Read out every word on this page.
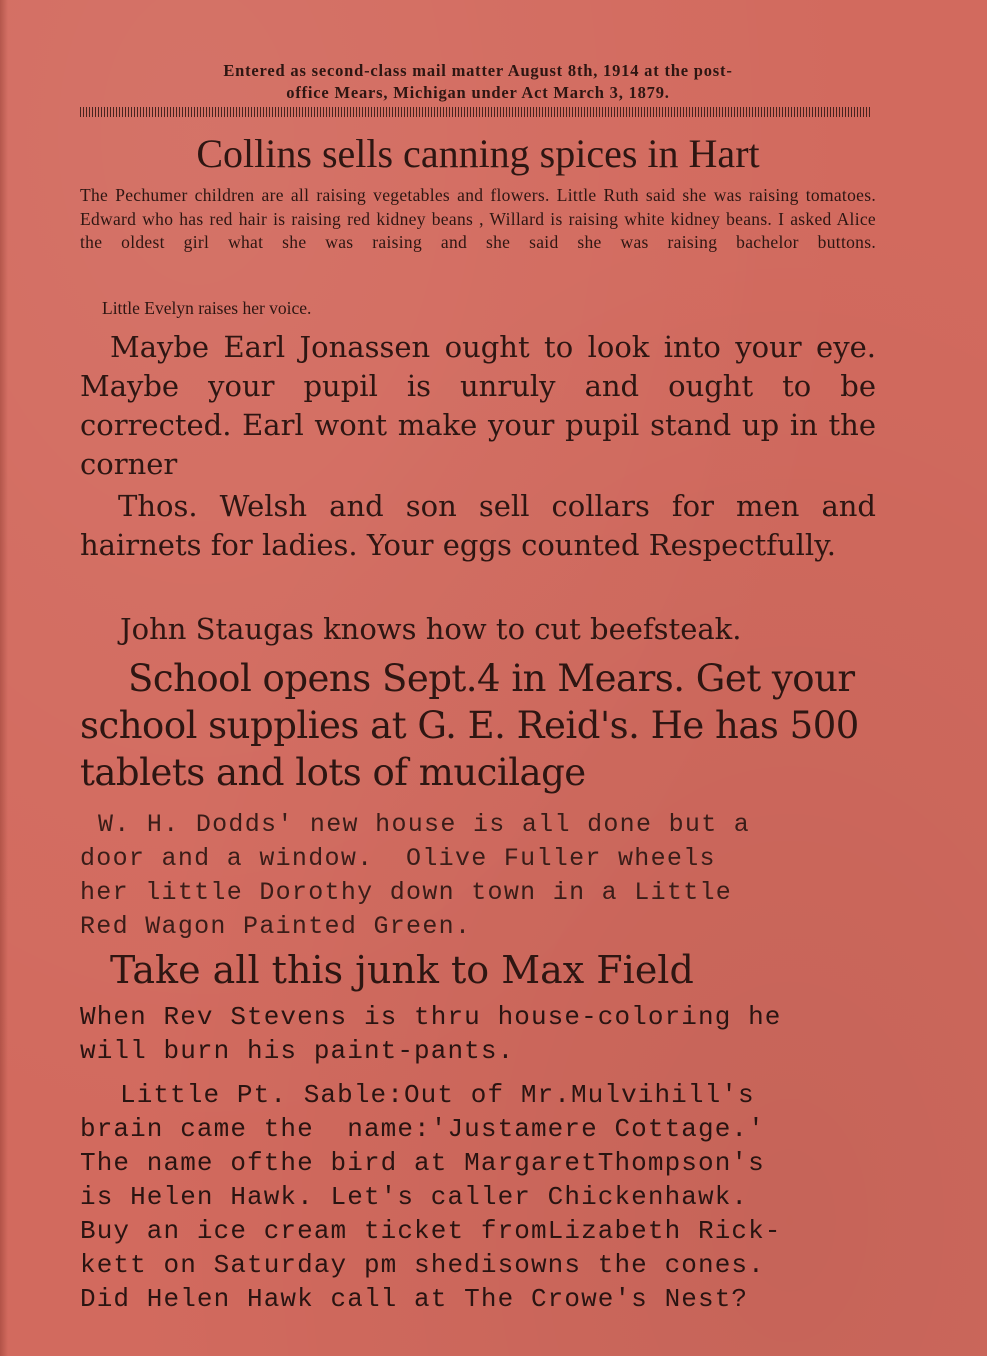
Entered as second-class mail matter August 8th, 1914 at the post-
office Mears, Michigan under Act March 3, 1879.
Collins sells canning spices in Hart
The Pechumer children are all raising vegetables and flowers. Little Ruth said she was raising tomatoes. Edward who has red hair is raising red kidney beans , Willard is raising white kidney beans. I asked Alice the oldest girl what she was raising and she said she was raising bachelor buttons.
Little Evelyn raises her voice.
Maybe Earl Jonassen ought to look into your eye. Maybe your pupil is unruly and ought to be corrected. Earl wont make your pupil stand up in the corner
Thos. Welsh and son sell collars for men and hairnets for ladies. Your eggs counted Respectfully.
John Staugas knows how to cut beefsteak.
School opens Sept.4 in Mears. Get your school supplies at G. E. Reid's. He has 500 tablets and lots of mucilage
W. H. Dodds' new house is all done but a
door and a window.  Olive Fuller wheels
her little Dorothy down town in a Little
Red Wagon Painted Green.
Take all this junk to Max Field
When Rev Stevens is thru house-coloring he
will burn his paint-pants.
Little Pt. Sable:Out of Mr.Mulvihill's
brain came the  name:'Justamere Cottage.'
The name ofthe bird at MargaretThompson's
is Helen Hawk. Let's caller Chickenhawk.
Buy an ice cream ticket fromLizabeth Rick-
kett on Saturday pm shedisowns the cones.
Did Helen Hawk call at The Crowe's Nest?
